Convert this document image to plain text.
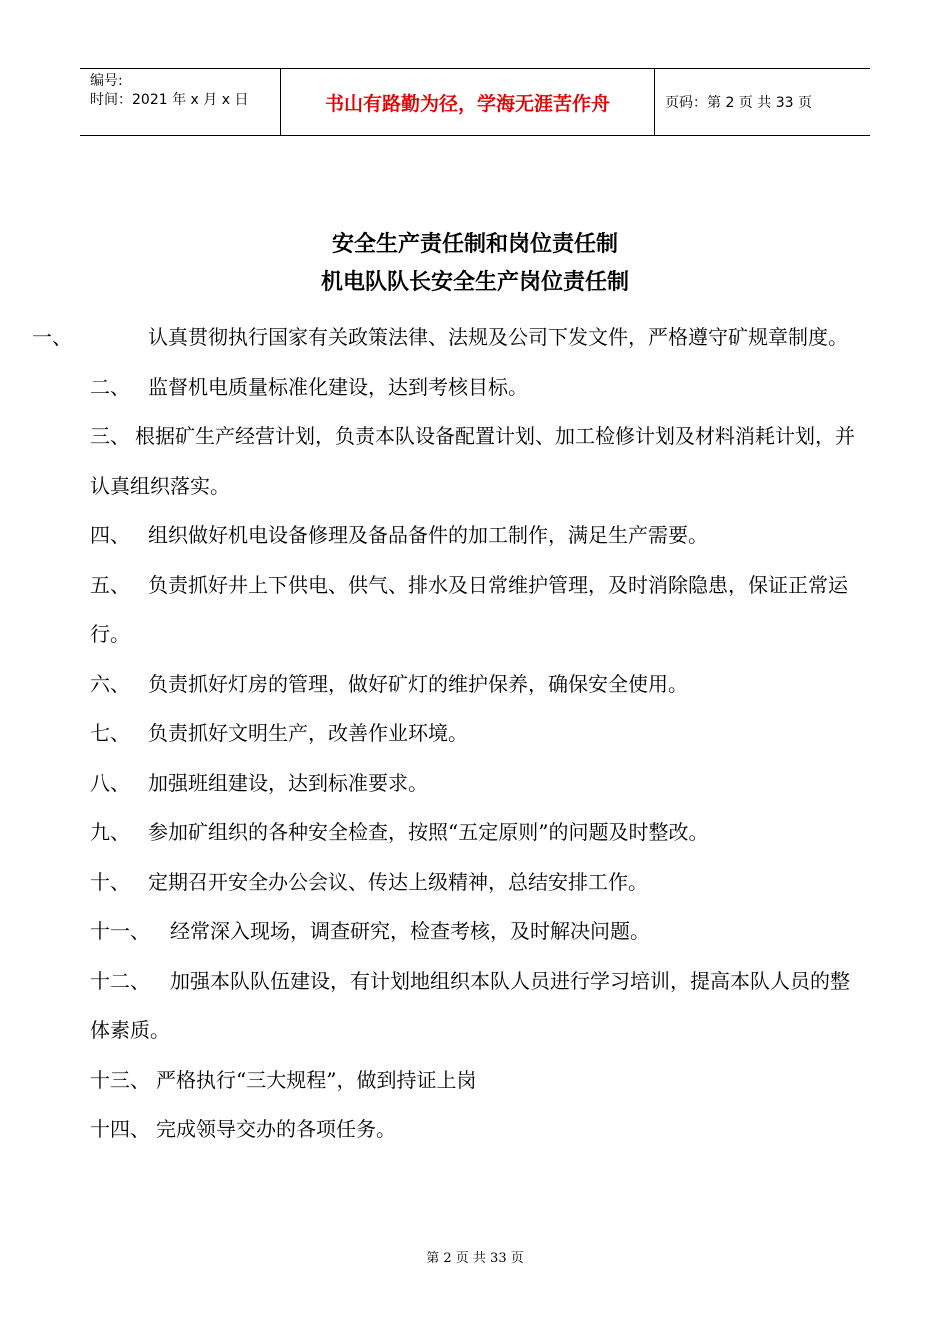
编号:
时间：2021 年 x 月 x 日	书山有路勤为径，学海无涯苦作舟	页码：第 2 页 共 33 页
安全生产责任制和岗位责任制
机电队队长安全生产岗位责任制
一、	认真贯彻执行国家有关政策法律、法规及公司下发文件，严格遵守矿规章制度。
二、 监督机电质量标准化建设，达到考核目标。
三、 根据矿生产经营计划，负责本队设备配置计划、加工检修计划及材料消耗计划，并认真组织落实。
四、 组织做好机电设备修理及备品备件的加工制作，满足生产需要。
五、 负责抓好井上下供电、供气、排水及日常维护管理，及时消除隐患，保证正常运行。
六、 负责抓好灯房的管理，做好矿灯的维护保养，确保安全使用。
七、 负责抓好文明生产，改善作业环境。
八、 加强班组建设，达到标准要求。
九、 参加矿组织的各种安全检查，按照“五定原则”的问题及时整改。
十、 定期召开安全办公会议、传达上级精神，总结安排工作。
十一、 经常深入现场，调查研究，检查考核，及时解决问题。
十二、 加强本队队伍建设，有计划地组织本队人员进行学习培训，提高本队人员的整体素质。
十三、 严格执行“三大规程”，做到持证上岗
十四、 完成领导交办的各项任务。
第 2 页 共 33 页
